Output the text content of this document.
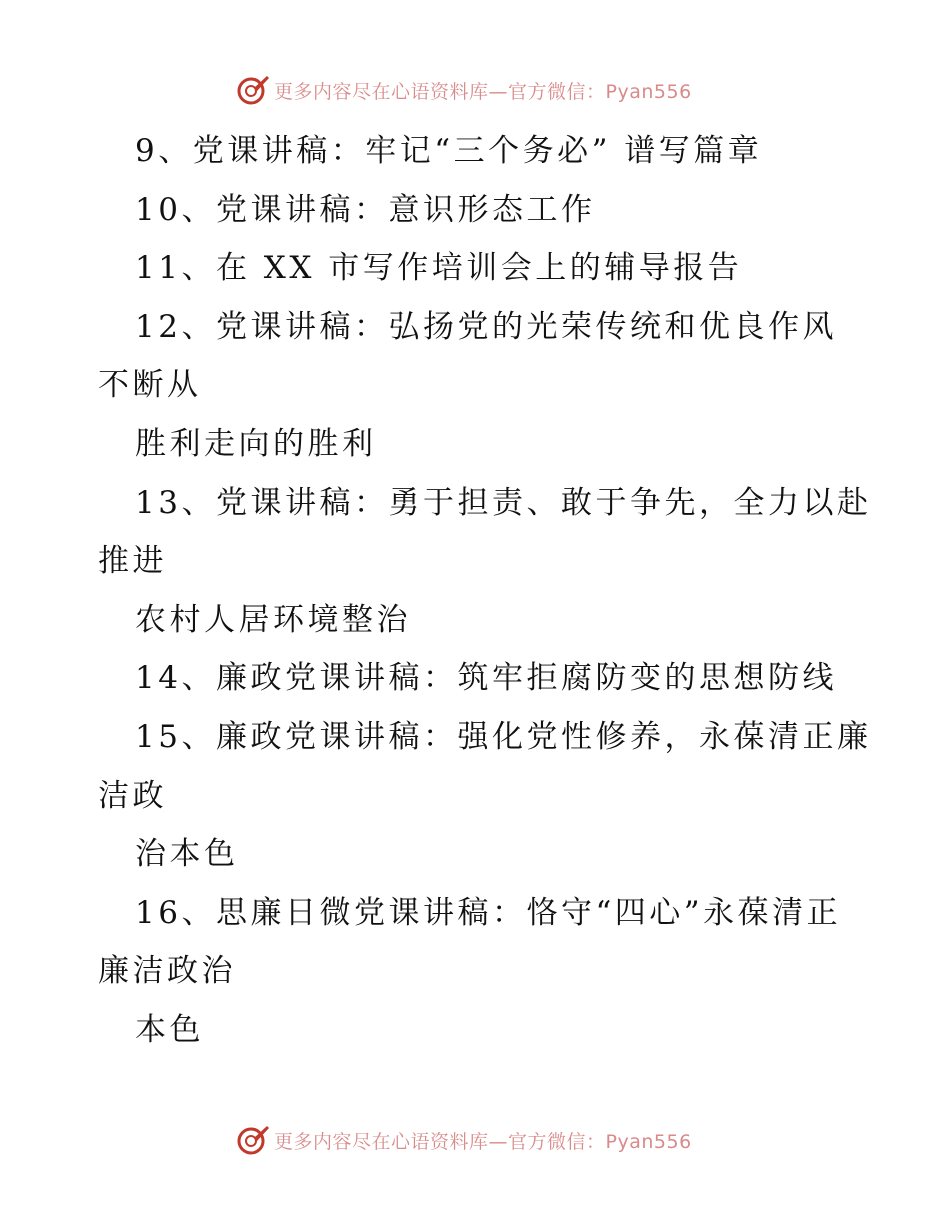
更多内容尽在心语资料库—官方微信：Pyan556
9、党课讲稿：牢记“三个务必” 谱写篇章
10、党课讲稿：意识形态工作
11、在 XX 市写作培训会上的辅导报告
12、党课讲稿：弘扬党的光荣传统和优良作风
不断从
胜利走向的胜利
13、党课讲稿：勇于担责、敢于争先，全力以赴
推进
农村人居环境整治
14、廉政党课讲稿：筑牢拒腐防变的思想防线
15、廉政党课讲稿：强化党性修养，永葆清正廉
洁政
治本色
16、思廉日微党课讲稿：恪守“四心”永葆清正
廉洁政治
本色
更多内容尽在心语资料库—官方微信：Pyan556
